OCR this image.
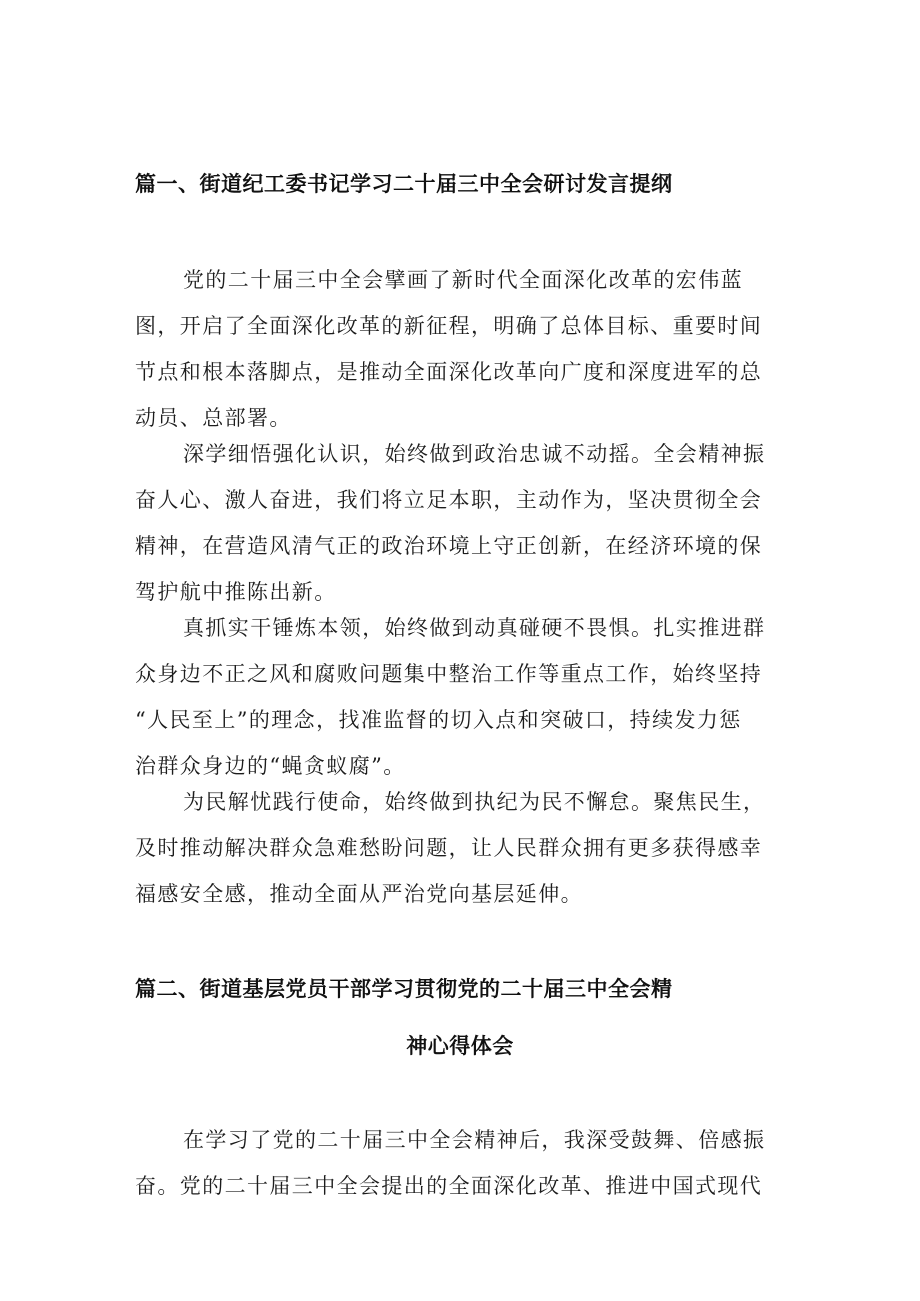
篇一、街道纪工委书记学习二十届三中全会研讨发言提纲
党的二十届三中全会擘画了新时代全面深化改革的宏伟蓝
图，开启了全面深化改革的新征程，明确了总体目标、重要时间
节点和根本落脚点，是推动全面深化改革向广度和深度进军的总
动员、总部署。
深学细悟强化认识，始终做到政治忠诚不动摇。全会精神振
奋人心、激人奋进，我们将立足本职，主动作为，坚决贯彻全会
精神，在营造风清气正的政治环境上守正创新，在经济环境的保
驾护航中推陈出新。
真抓实干锤炼本领，始终做到动真碰硬不畏惧。扎实推进群
众身边不正之风和腐败问题集中整治工作等重点工作，始终坚持
“人民至上”的理念，找准监督的切入点和突破口，持续发力惩
治群众身边的“蝇贪蚁腐”。
为民解忧践行使命，始终做到执纪为民不懈怠。聚焦民生，
及时推动解决群众急难愁盼问题，让人民群众拥有更多获得感幸
福感安全感，推动全面从严治党向基层延伸。
篇二、街道基层党员干部学习贯彻党的二十届三中全会精
神心得体会
在学习了党的二十届三中全会精神后，我深受鼓舞、倍感振
奋。党的二十届三中全会提出的全面深化改革、推进中国式现代
